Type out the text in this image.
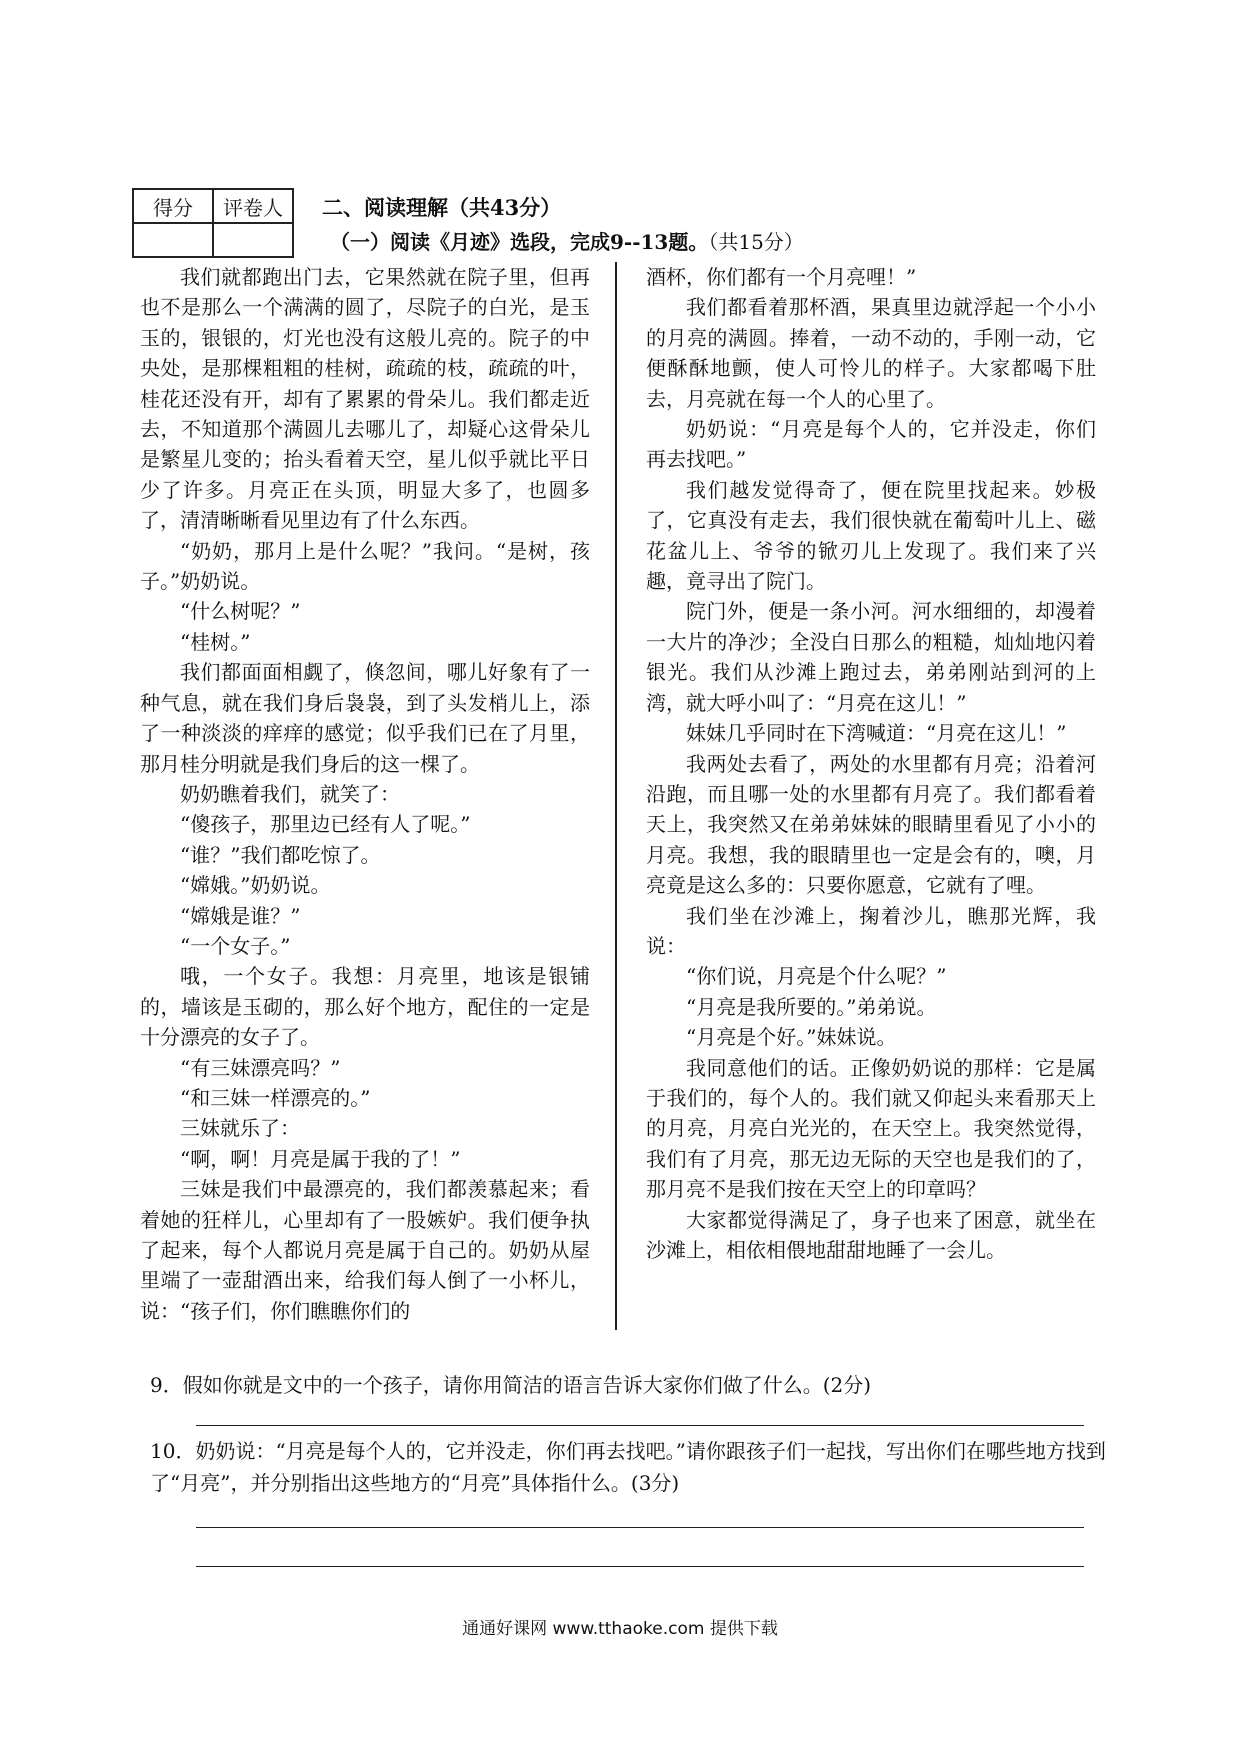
得分	评卷人
	二、阅读理解（共43分）
（一）阅读《月迹》选段，完成9--13题。（共15分）

我们就都跑出门去，它果然就在院子里，但再也不是那么一个满满的圆了，尽院子的白光，是玉玉的，银银的，灯光也没有这般儿亮的。院子的中央处，是那棵粗粗的桂树，疏疏的枝，疏疏的叶，桂花还没有开，却有了累累的骨朵儿。我们都走近去，不知道那个满圆儿去哪儿了，却疑心这骨朵儿是繁星儿变的；抬头看着天空，星儿似乎就比平日少了许多。月亮正在头顶，明显大多了，也圆多了，清清晰晰看见里边有了什么东西。

“奶奶，那月上是什么呢？”我问。“是树，孩子。”奶奶说。

“什么树呢？”

“桂树。”

我们都面面相觑了，倏忽间，哪儿好象有了一种气息，就在我们身后袅袅，到了头发梢儿上，添了一种淡淡的痒痒的感觉；似乎我们已在了月里，那月桂分明就是我们身后的这一棵了。

奶奶瞧着我们，就笑了：

“傻孩子，那里边已经有人了呢。”

“谁？”我们都吃惊了。

“嫦娥。”奶奶说。

“嫦娥是谁？”

“一个女子。”

哦，一个女子。我想：月亮里，地该是银铺的，墙该是玉砌的，那么好个地方，配住的一定是十分漂亮的女子了。

“有三妹漂亮吗？”

“和三妹一样漂亮的。”

三妹就乐了：

“啊，啊！月亮是属于我的了！”

三妹是我们中最漂亮的，我们都羡慕起来；看着她的狂样儿，心里却有了一股嫉妒。我们便争执了起来，每个人都说月亮是属于自己的。奶奶从屋里端了一壶甜酒出来，给我们每人倒了一小杯儿，说：“孩子们，你们瞧瞧你们的

酒杯，你们都有一个月亮哩！”

我们都看着那杯酒，果真里边就浮起一个小小的月亮的满圆。捧着，一动不动的，手刚一动，它便酥酥地颤，使人可怜儿的样子。大家都喝下肚去，月亮就在每一个人的心里了。

奶奶说：“月亮是每个人的，它并没走，你们再去找吧。”

我们越发觉得奇了，便在院里找起来。妙极了，它真没有走去，我们很快就在葡萄叶儿上、磁花盆儿上、爷爷的锨刃儿上发现了。我们来了兴趣，竟寻出了院门。

院门外，便是一条小河。河水细细的，却漫着一大片的净沙；全没白日那么的粗糙，灿灿地闪着银光。我们从沙滩上跑过去，弟弟刚站到河的上湾，就大呼小叫了：“月亮在这儿！”

妹妹几乎同时在下湾喊道：“月亮在这儿！”

我两处去看了，两处的水里都有月亮；沿着河沿跑，而且哪一处的水里都有月亮了。我们都看着天上，我突然又在弟弟妹妹的眼睛里看见了小小的月亮。我想，我的眼睛里也一定是会有的，噢，月亮竟是这么多的：只要你愿意，它就有了哩。

我们坐在沙滩上，掬着沙儿，瞧那光辉，我说：

“你们说，月亮是个什么呢？”

“月亮是我所要的。”弟弟说。

“月亮是个好。”妹妹说。

我同意他们的话。正像奶奶说的那样：它是属于我们的，每个人的。我们就又仰起头来看那天上的月亮，月亮白光光的，在天空上。我突然觉得，我们有了月亮，那无边无际的天空也是我们的了，那月亮不是我们按在天空上的印章吗？

大家都觉得满足了，身子也来了困意，就坐在沙滩上，相依相偎地甜甜地睡了一会儿。

9．假如你就是文中的一个孩子，请你用简洁的语言告诉大家你们做了什么。(2分)
10．奶奶说：“月亮是每个人的，它并没走，你们再去找吧。”请你跟孩子们一起找，写出你们在哪些地方找到了“月亮”，并分别指出这些地方的“月亮”具体指什么。(3分)
通通好课网 www.tthaoke.com 提供下载
